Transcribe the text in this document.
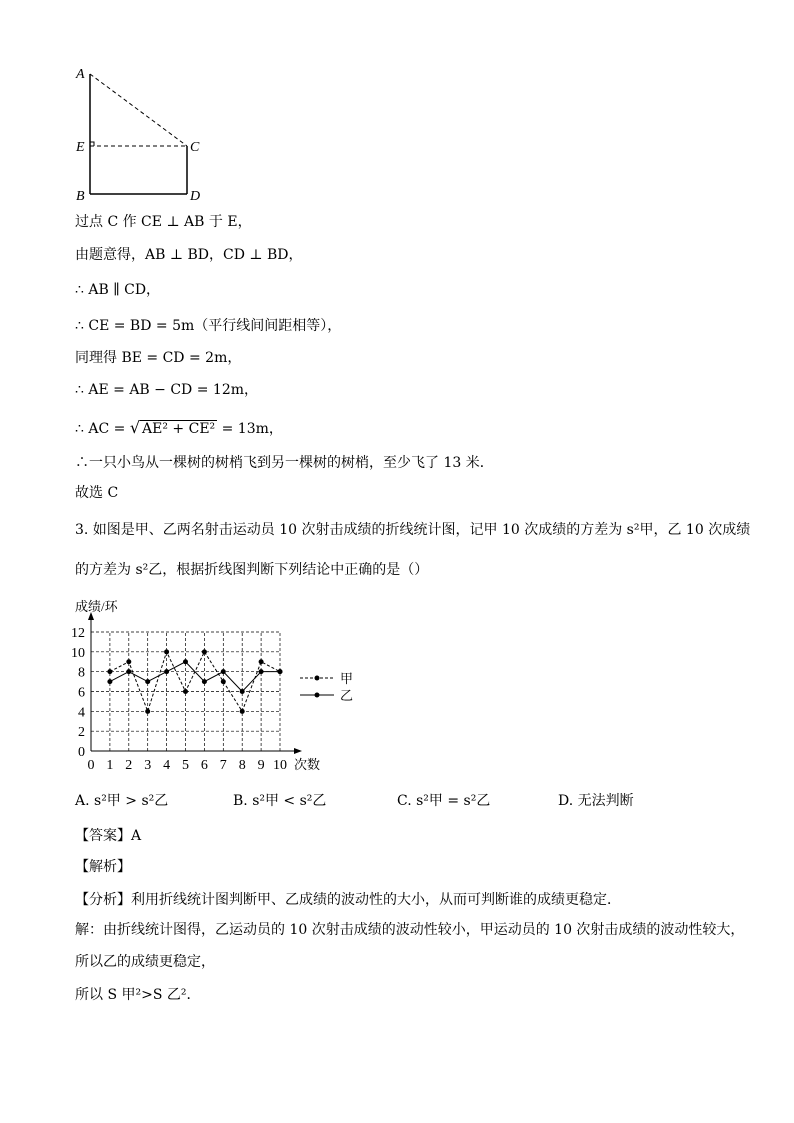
A
E
B
C
D
过点 C 作 CE ⊥ AB 于 E，
由题意得，AB ⊥ BD，CD ⊥ BD，
∴ AB ∥ CD，
∴ CE = BD = 5m（平行线间间距相等），
同理得 BE = CD = 2m，
∴ AE = AB − CD = 12m，
∴ AC = √ AE² + CE² = 13m，
∴一只小鸟从一棵树的树梢飞到另一棵树的树梢，至少飞了 13 米．
故选 C
3. 如图是甲、乙两名射击运动员 10 次射击成绩的折线统计图，记甲 10 次成绩的方差为 s²甲，乙 10 次成绩
的方差为 s²乙，根据折线图判断下列结论中正确的是（）
0
2
4
6
8
10
12
0 1 2 3 4 5 6 7 8 9 10
成绩/环
次数
甲
乙
A. s²甲 > s²乙	B. s²甲 < s²乙	C. s²甲 = s²乙	D. 无法判断
【答案】A
【解析】
【分析】利用折线统计图判断甲、乙成绩的波动性的大小，从而可判断谁的成绩更稳定．
解：由折线统计图得，乙运动员的 10 次射击成绩的波动性较小，甲运动员的 10 次射击成绩的波动性较大，
所以乙的成绩更稳定，
所以 S 甲²>S 乙²．
